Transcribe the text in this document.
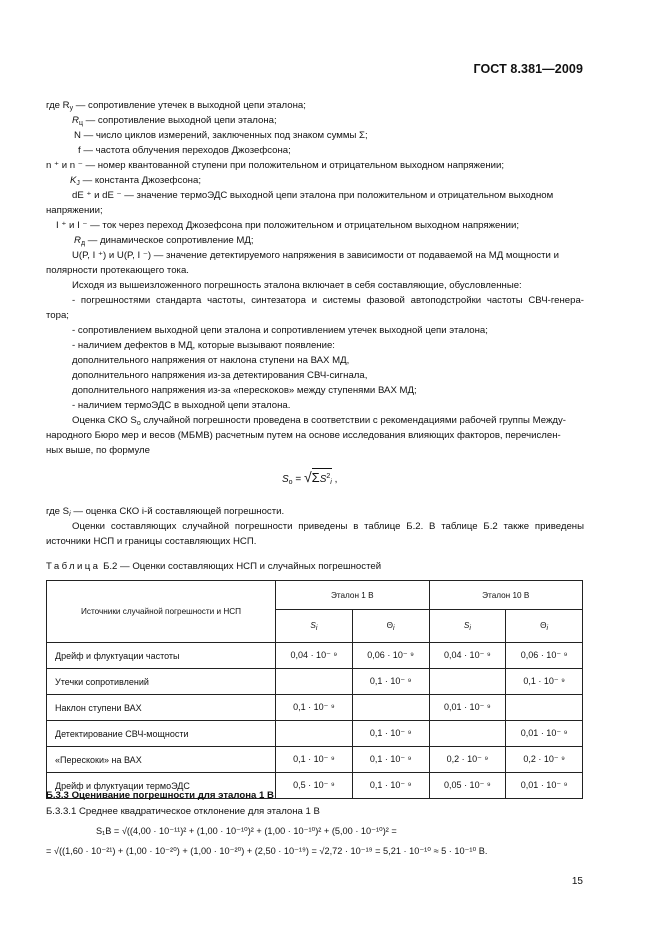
ГОСТ 8.381—2009
где $R_у$ — сопротивление утечек в выходной цепи эталона;
$R_ц$ — сопротивление выходной цепи эталона;
N — число циклов измерений, заключенных под знаком суммы Σ;
f — частота облучения переходов Джозефсона;
n ⁺ и n ⁻ — номер квантованной ступени при положительном и отрицательном выходном напряжении;
$K_J$ — константа Джозефсона;
dE ⁺ и dE ⁻ — значение термоЭДС выходной цепи эталона при положительном и отрицательном выходном
напряжении;
I ⁺ и I ⁻ — ток через переход Джозефсона при положительном и отрицательном выходном напряжении;
$R_д$ — динамическое сопротивление МД;
U(P, I ⁺) и U(P, I ⁻) — значение детектируемого напряжения в зависимости от подаваемой на МД мощности и
полярности протекающего тока.
Исходя из вышеизложенного погрешность эталона включает в себя составляющие, обусловленные:
- погрешностями стандарта частоты, синтезатора и системы фазовой автоподстройки частоты СВЧ-генера-
тора;
- сопротивлением выходной цепи эталона и сопротивлением утечек выходной цепи эталона;
- наличием дефектов в МД, которые вызывают появление:
дополнительного напряжения от наклона ступени на ВАХ МД,
дополнительного напряжения из-за детектирования СВЧ-сигнала,
дополнительного напряжения из-за «перескоков» между ступенями ВАХ МД;
- наличием термоЭДС в выходной цепи эталона.
Оценка СКО $S_о$ случайной погрешности проведена в соответствии с рекомендациями рабочей группы Между-
народного Бюро мер и весов (МБМВ) расчетным путем на основе исследования влияющих факторов, перечислен-
ных выше, по формуле
$S_o = √\Sigma S^2_i$ ,
где $S_i$ — оценка СКО i-й составляющей погрешности.
Оценки составляющих случайной погрешности приведены в таблице Б.2. В таблице Б.2 также приведены
источники НСП и границы составляющих НСП.
Таблица Б.2 — Оценки составляющих НСП и случайных погрешностей
Источники случайной погрешности и НСП	Эталон 1 В		Эталон 10 В	
	Si	Θi	Si	Θi
Дрейф и флуктуации частоты	0,04 · 10⁻ ⁹	0,06 · 10⁻ ⁹	0,04 · 10⁻ ⁹	0,06 · 10⁻ ⁹
Утечки сопротивлений		0,1 · 10⁻ ⁹		0,1 · 10⁻ ⁹
Наклон ступени ВАХ	0,1 · 10⁻ ⁹		0,01 · 10⁻ ⁹	
Детектирование СВЧ-мощности		0,1 · 10⁻ ⁹		0,01 · 10⁻ ⁹
«Перескоки» на ВАХ	0,1 · 10⁻ ⁹	0,1 · 10⁻ ⁹	0,2 · 10⁻ ⁹	0,2 · 10⁻ ⁹
Дрейф и флуктуации термоЭДС	0,5 · 10⁻ ⁹	0,1 · 10⁻ ⁹	0,05 · 10⁻ ⁹	0,01 · 10⁻ ⁹
Б.3.3 Оценивание погрешности для эталона 1 В
Б.3.3.1 Среднее квадратическое отклонение для эталона 1 В
S₁В = √((4,00 · 10⁻¹¹)² + (1,00 · 10⁻¹⁰)² + (1,00 · 10⁻¹⁰)² + (5,00 · 10⁻¹⁰)² =
= √((1,60 · 10⁻²¹) + (1,00 · 10⁻²⁰) + (1,00 · 10⁻²⁰) + (2,50 · 10⁻¹⁹) = √2,72 · 10⁻¹⁹ = 5,21 · 10⁻¹⁰ ≈ 5 · 10⁻¹⁰ В.
15
